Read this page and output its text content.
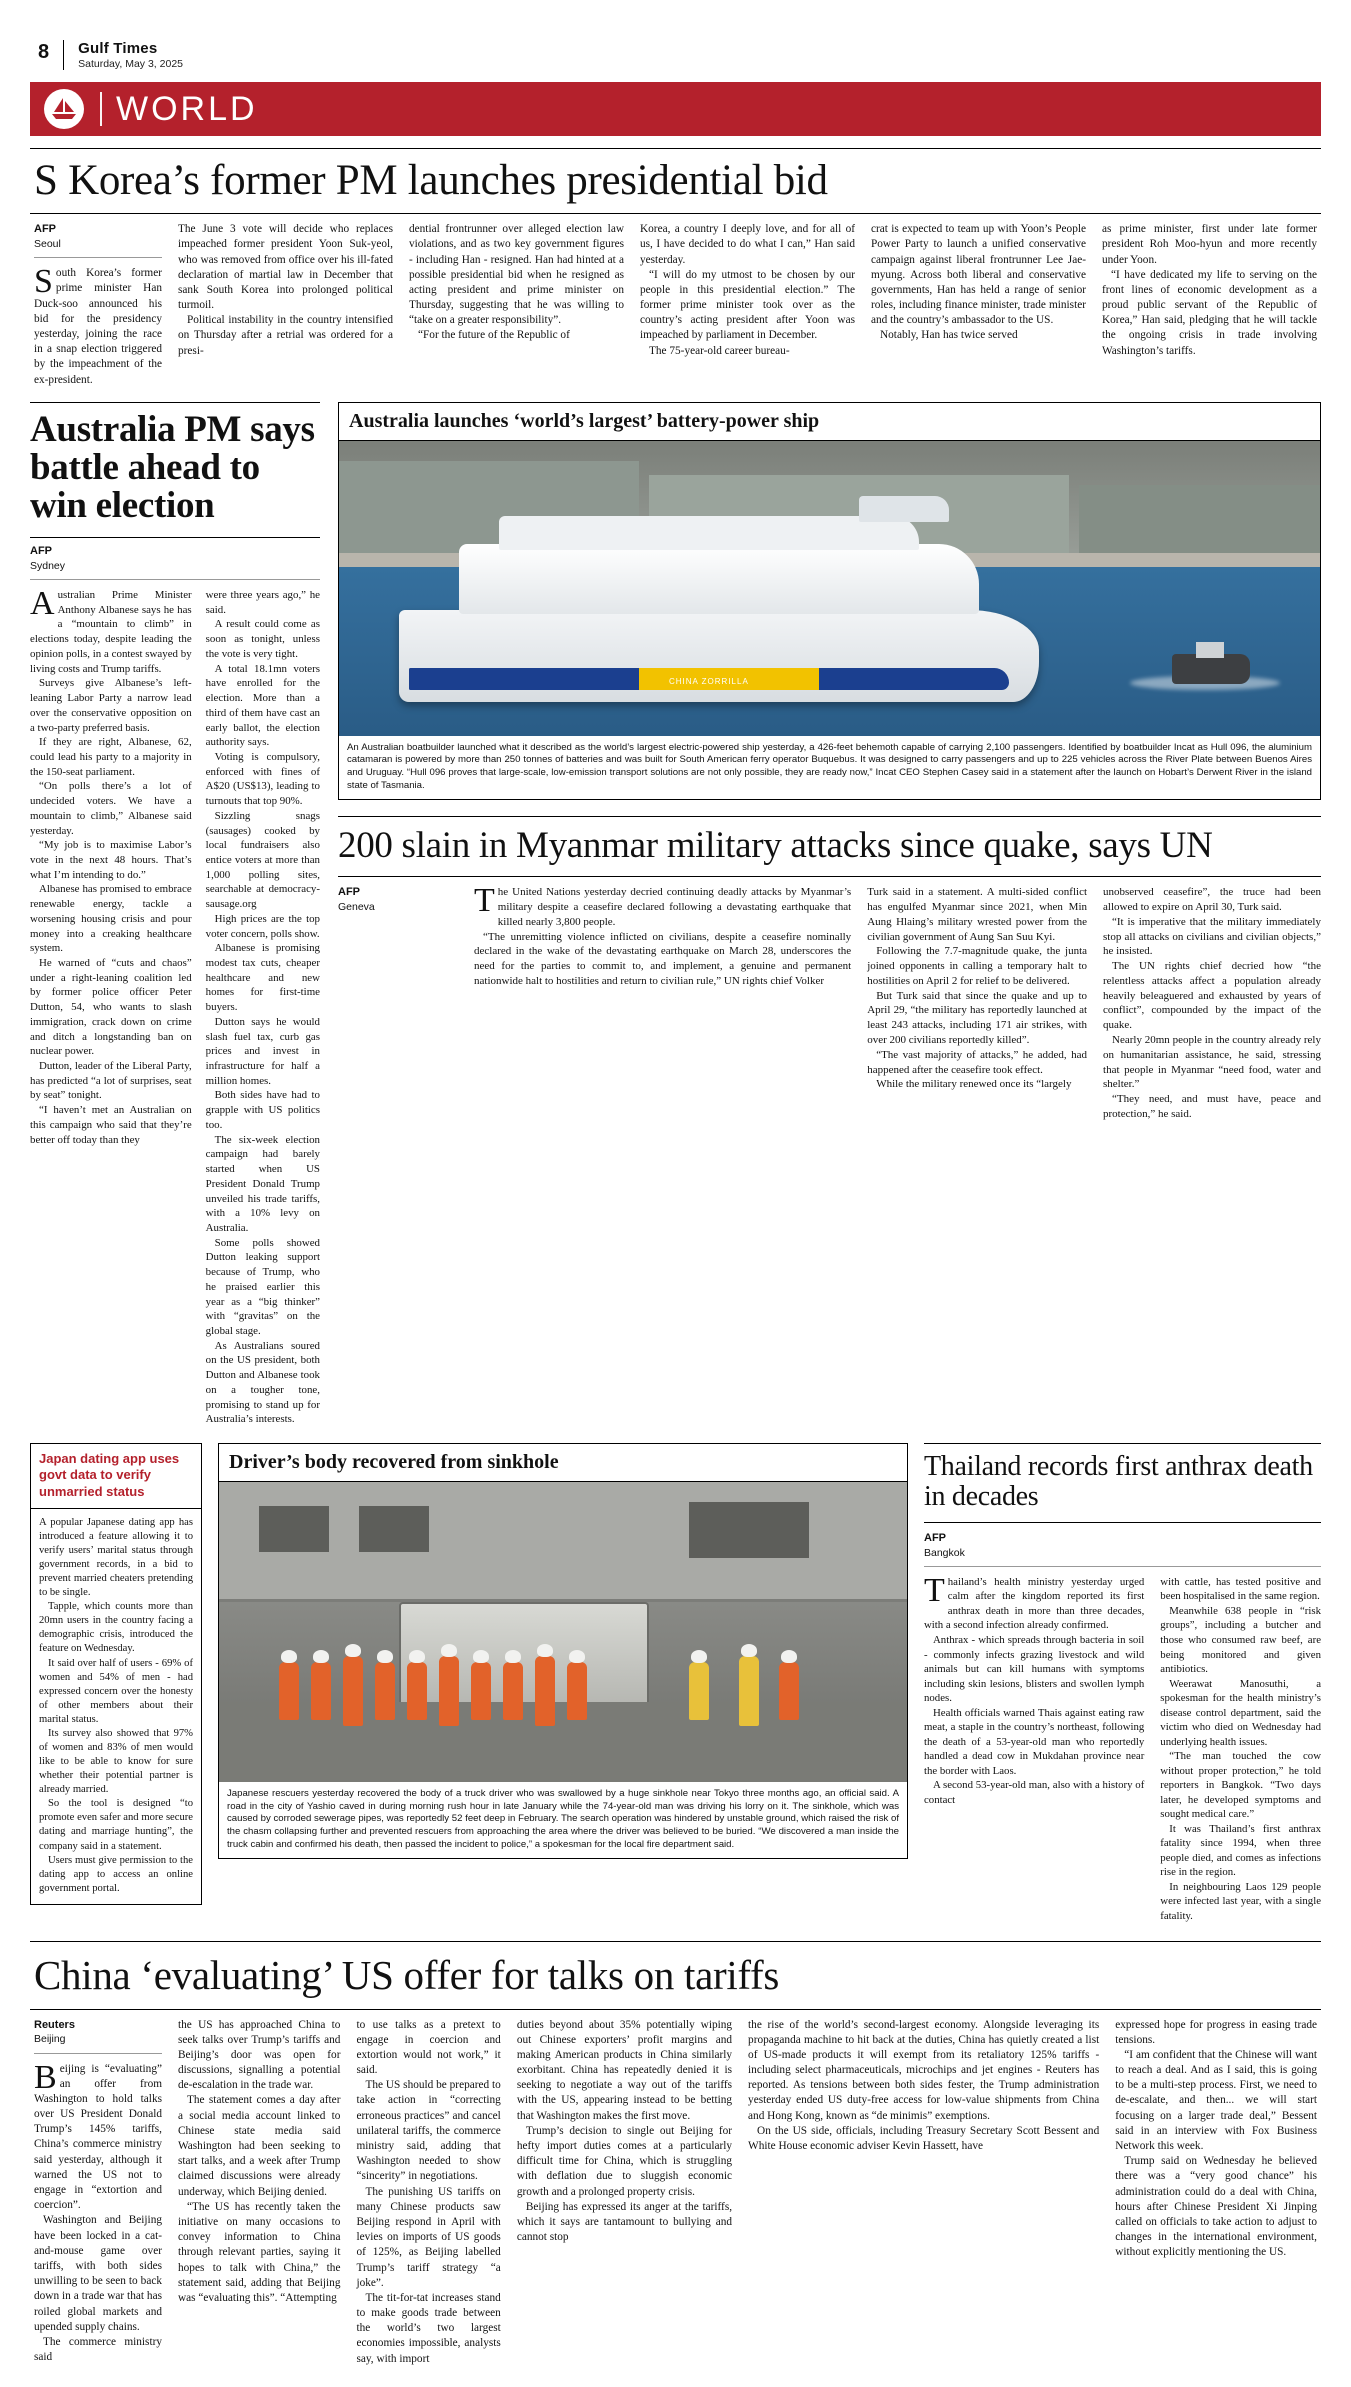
8 Gulf Times
Saturday, May 3, 2025
WORLD
S Korea’s former PM launches presidential bid
AFP
Seoul

South Korea’s former prime minister Han Duck-soo announced his bid for the presidency yesterday, joining the race in a snap election triggered by the impeachment of the ex-president.

The June 3 vote will decide who replaces impeached former president Yoon Suk-yeol, who was removed from office over his ill-fated declaration of martial law in December that sank South Korea into prolonged political turmoil.

Political instability in the country intensified on Thursday after a retrial was ordered for a presi-

dential frontrunner over alleged election law violations, and as two key government figures - including Han - resigned. Han had hinted at a possible presidential bid when he resigned as acting president and prime minister on Thursday, suggesting that he was willing to “take on a greater responsibility”.

“For the future of the Republic of

Korea, a country I deeply love, and for all of us, I have decided to do what I can,” Han said yesterday.

“I will do my utmost to be chosen by our people in this presidential election.” The former prime minister took over as the country’s acting president after Yoon was impeached by parliament in December.

The 75-year-old career bureau-

crat is expected to team up with Yoon’s People Power Party to launch a unified conservative campaign against liberal frontrunner Lee Jae-myung. Across both liberal and conservative governments, Han has held a range of senior roles, including finance minister, trade minister and the country’s ambassador to the US.

Notably, Han has twice served

as prime minister, first under late former president Roh Moo-hyun and more recently under Yoon.

“I have dedicated my life to serving on the front lines of economic development as a proud public servant of the Republic of Korea,” Han said, pledging that he will tackle the ongoing crisis in trade involving Washington’s tariffs.

Australia PM says battle ahead to win election
AFP
Sydney

Australian Prime Minister Anthony Albanese says he has a “mountain to climb” in elections today, despite leading the opinion polls, in a contest swayed by living costs and Trump tariffs.

Surveys give Albanese’s left-leaning Labor Party a narrow lead over the conservative opposition on a two-party preferred basis.

If they are right, Albanese, 62, could lead his party to a majority in the 150-seat parliament.

“On polls there’s a lot of undecided voters. We have a mountain to climb,” Albanese said yesterday.

“My job is to maximise Labor’s vote in the next 48 hours. That’s what I’m intending to do.”

Albanese has promised to embrace renewable energy, tackle a worsening housing crisis and pour money into a creaking healthcare system.

He warned of “cuts and chaos” under a right-leaning coalition led by former police officer Peter Dutton, 54, who wants to slash immigration, crack down on crime and ditch a longstanding ban on nuclear power.

Dutton, leader of the Liberal Party, has predicted “a lot of surprises, seat by seat” tonight.

“I haven’t met an Australian on this campaign who said that they’re better off today than they

were three years ago,” he said.

A result could come as soon as tonight, unless the vote is very tight.

A total 18.1mn voters have enrolled for the election. More than a third of them have cast an early ballot, the election authority says.

Voting is compulsory, enforced with fines of A$20 (US$13), leading to turnouts that top 90%.

Sizzling snags (sausages) cooked by local fundraisers also entice voters at more than 1,000 polling sites, searchable at democracy-sausage.org

High prices are the top voter concern, polls show.

Albanese is promising modest tax cuts, cheaper healthcare and new homes for first-time buyers.

Dutton says he would slash fuel tax, curb gas prices and invest in infrastructure for half a million homes.

Both sides have had to grapple with US politics too.

The six-week election campaign had barely started when US President Donald Trump unveiled his trade tariffs, with a 10% levy on Australia.

Some polls showed Dutton leaking support because of Trump, who he praised earlier this year as a “big thinker” with “gravitas” on the global stage.

As Australians soured on the US president, both Dutton and Albanese took on a tougher tone, promising to stand up for Australia’s interests.

Australia launches ‘world’s largest’ battery-power ship
CHINA ZORRILLA
An Australian boatbuilder launched what it described as the world’s largest electric-powered ship yesterday, a 426-feet behemoth capable of carrying 2,100 passengers. Identified by boatbuilder Incat as Hull 096, the aluminium catamaran is powered by more than 250 tonnes of batteries and was built for South American ferry operator Buquebus. It was designed to carry passengers and up to 225 vehicles across the River Plate between Buenos Aires and Uruguay. “Hull 096 proves that large-scale, low-emission transport solutions are not only possible, they are ready now,” Incat CEO Stephen Casey said in a statement after the launch on Hobart’s Derwent River in the island state of Tasmania.
200 slain in Myanmar military attacks since quake, says UN
AFP
Geneva	The United Nations yesterday decried continuing deadly attacks by Myanmar’s military despite a ceasefire declared following a devastating earthquake that killed nearly 3,800 people.

“The unremitting violence inflicted on civilians, despite a ceasefire nominally declared in the wake of the devastating earthquake on March 28, underscores the need for the parties to commit to, and implement, a genuine and permanent nationwide halt to hostilities and return to civilian rule,” UN rights chief Volker

Turk said in a statement. A multi-sided conflict has engulfed Myanmar since 2021, when Min Aung Hlaing’s military wrested power from the civilian government of Aung San Suu Kyi.

Following the 7.7-magnitude quake, the junta joined opponents in calling a temporary halt to hostilities on April 2 for relief to be delivered.

But Turk said that since the quake and up to April 29, “the military has reportedly launched at least 243 attacks, including 171 air strikes, with over 200 civilians reportedly killed”.

“The vast majority of attacks,” he added, had happened after the ceasefire took effect.

While the military renewed once its “largely

unobserved ceasefire”, the truce had been allowed to expire on April 30, Turk said.

“It is imperative that the military immediately stop all attacks on civilians and civilian objects,” he insisted.

The UN rights chief decried how “the relentless attacks affect a population already heavily beleaguered and exhausted by years of conflict”, compounded by the impact of the quake.

Nearly 20mn people in the country already rely on humanitarian assistance, he said, stressing that people in Myanmar “need food, water and shelter.”

“They need, and must have, peace and protection,” he said.

Japan dating app uses govt data to verify unmarried status

A popular Japanese dating app has introduced a feature allowing it to verify users’ marital status through government records, in a bid to prevent married cheaters pretending to be single.

Tapple, which counts more than 20mn users in the country facing a demographic crisis, introduced the feature on Wednesday.

It said over half of users - 69% of women and 54% of men - had expressed concern over the honesty of other members about their marital status.

Its survey also showed that 97% of women and 83% of men would like to be able to know for sure whether their potential partner is already married.

So the tool is designed “to promote even safer and more secure dating and marriage hunting”, the company said in a statement.

Users must give permission to the dating app to access an online government portal.

Driver’s body recovered from sinkhole
Japanese rescuers yesterday recovered the body of a truck driver who was swallowed by a huge sinkhole near Tokyo three months ago, an official said. A road in the city of Yashio caved in during morning rush hour in late January while the 74-year-old man was driving his lorry on it. The sinkhole, which was caused by corroded sewerage pipes, was reportedly 52 feet deep in February. The search operation was hindered by unstable ground, which raised the risk of the chasm collapsing further and prevented rescuers from approaching the area where the driver was believed to be buried. “We discovered a man inside the truck cabin and confirmed his death, then passed the incident to police,” a spokesman for the local fire department said.
Thailand records first anthrax death in decades
AFP
Bangkok

Thailand’s health ministry yesterday urged calm after the kingdom reported its first anthrax death in more than three decades, with a second infection already confirmed.

Anthrax - which spreads through bacteria in soil - commonly infects grazing livestock and wild animals but can kill humans with symptoms including skin lesions, blisters and swollen lymph nodes.

Health officials warned Thais against eating raw meat, a staple in the country’s northeast, following the death of a 53-year-old man who reportedly handled a dead cow in Mukdahan province near the border with Laos.

A second 53-year-old man, also with a history of contact

with cattle, has tested positive and been hospitalised in the same region.

Meanwhile 638 people in “risk groups”, including a butcher and those who consumed raw beef, are being monitored and given antibiotics.

Weerawat Manosuthi, a spokesman for the health ministry’s disease control department, said the victim who died on Wednesday had underlying health issues.

“The man touched the cow without proper protection,” he told reporters in Bangkok. “Two days later, he developed symptoms and sought medical care.”

It was Thailand’s first anthrax fatality since 1994, when three people died, and comes as infections rise in the region.

In neighbouring Laos 129 people were infected last year, with a single fatality.

China ‘evaluating’ US offer for talks on tariffs
Reuters
Beijing

Beijing is “evaluating” an offer from Washington to hold talks over US President Donald Trump’s 145% tariffs, China’s commerce ministry said yesterday, although it warned the US not to engage in “extortion and coercion”.

Washington and Beijing have been locked in a cat-and-mouse game over tariffs, with both sides unwilling to be seen to back down in a trade war that has roiled global markets and upended supply chains.

The commerce ministry said

the US has approached China to seek talks over Trump’s tariffs and Beijing’s door was open for discussions, signalling a potential de-escalation in the trade war.

The statement comes a day after a social media account linked to Chinese state media said Washington had been seeking to start talks, and a week after Trump claimed discussions were already underway, which Beijing denied.

“The US has recently taken the initiative on many occasions to convey information to China through relevant parties, saying it hopes to talk with China,” the statement said, adding that Beijing was “evaluating this”. “Attempting

to use talks as a pretext to engage in coercion and extortion would not work,” it said.

The US should be prepared to take action in “correcting erroneous practices” and cancel unilateral tariffs, the commerce ministry said, adding that Washington needed to show “sincerity” in negotiations.

The punishing US tariffs on many Chinese products saw Beijing respond in April with levies on imports of US goods of 125%, as Beijing labelled Trump’s tariff strategy “a joke”.

The tit-for-tat increases stand to make goods trade between the world’s two largest economies impossible, analysts say, with import

duties beyond about 35% potentially wiping out Chinese exporters’ profit margins and making American products in China similarly exorbitant. China has repeatedly denied it is seeking to negotiate a way out of the tariffs with the US, appearing instead to be betting that Washington makes the first move.

Trump’s decision to single out Beijing for hefty import duties comes at a particularly difficult time for China, which is struggling with deflation due to sluggish economic growth and a prolonged property crisis.

Beijing has expressed its anger at the tariffs, which it says are tantamount to bullying and cannot stop

the rise of the world’s second-largest economy. Alongside leveraging its propaganda machine to hit back at the duties, China has quietly created a list of US-made products it will exempt from its retaliatory 125% tariffs - including select pharmaceuticals, microchips and jet engines - Reuters has reported. As tensions between both sides fester, the Trump administration yesterday ended US duty-free access for low-value shipments from China and Hong Kong, known as “de minimis” exemptions.

On the US side, officials, including Treasury Secretary Scott Bessent and White House economic adviser Kevin Hassett, have

expressed hope for progress in easing trade tensions.

“I am confident that the Chinese will want to reach a deal. And as I said, this is going to be a multi-step process. First, we need to de-escalate, and then... we will start focusing on a larger trade deal,” Bessent said in an interview with Fox Business Network this week.

Trump said on Wednesday he believed there was a “very good chance” his administration could do a deal with China, hours after Chinese President Xi Jinping called on officials to take action to adjust to changes in the international environment, without explicitly mentioning the US.
